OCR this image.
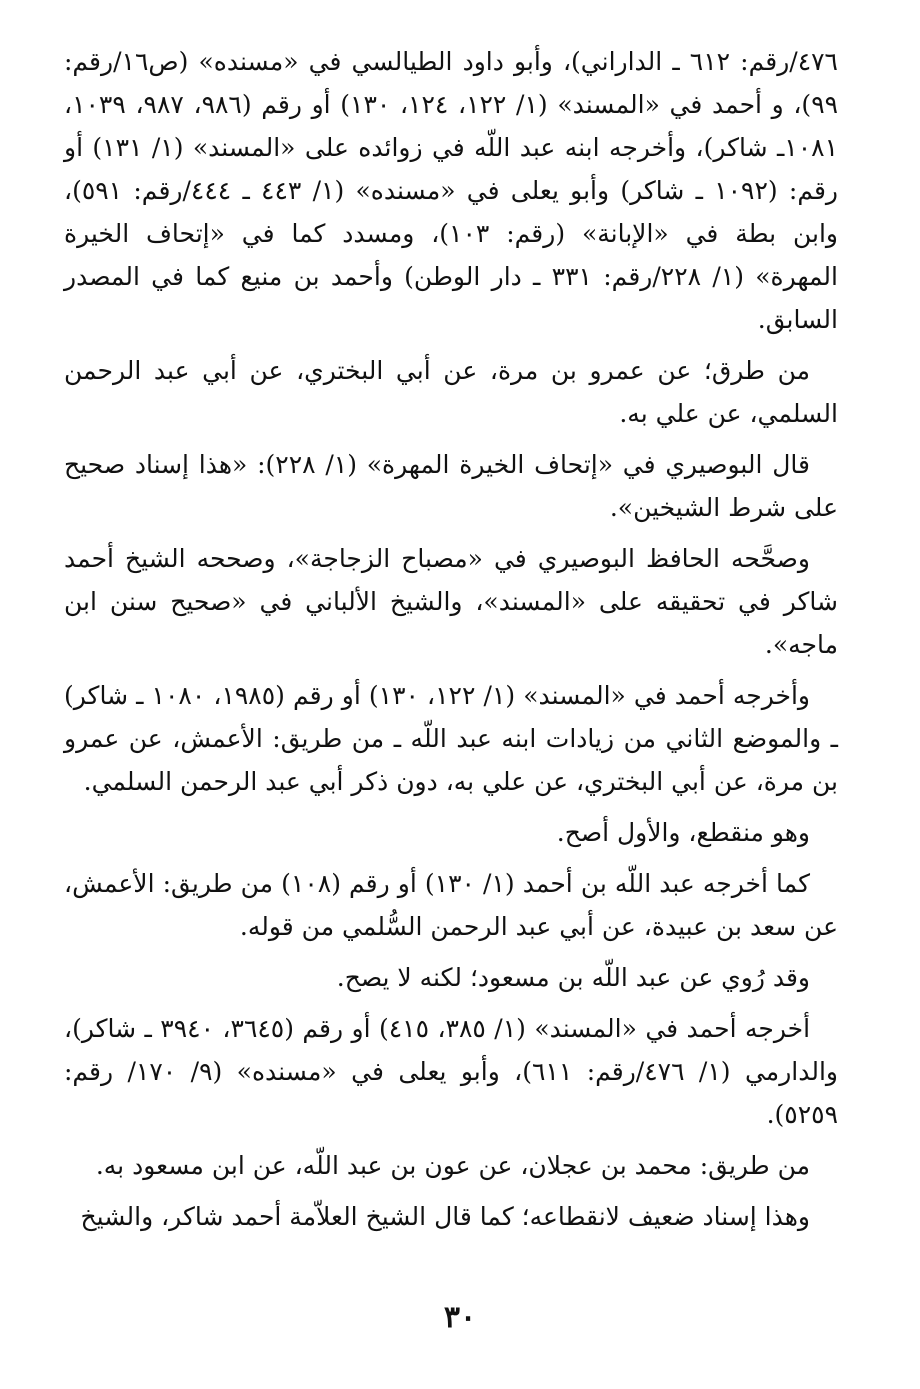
٤٧٦/رقم: ٦١٢ ـ الداراني)، وأبو داود الطيالسي في «مسنده» (ص١٦/رقم: ٩٩)، و أحمد في «المسند» (١/ ١٢٢، ١٢٤، ١٣٠) أو رقم (٩٨٦، ٩٨٧، ١٠٣٩، ١٠٨١ـ شاكر)، وأخرجه ابنه عبد اللّه في زوائده على «المسند» (١/ ١٣١) أو رقم: (١٠٩٢ ـ شاكر) وأبو يعلى في «مسنده» (١/ ٤٤٣ ـ ٤٤٤/رقم: ٥٩١)، وابن بطة في «الإبانة» (رقم: ١٠٣)، ومسدد كما في «إتحاف الخيرة المهرة» (١/ ٢٢٨/رقم: ٣٣١ ـ دار الوطن) وأحمد بن منيع كما في المصدر السابق.

من طرق؛ عن عمرو بن مرة، عن أبي البختري، عن أبي عبد الرحمن السلمي، عن علي به.

قال البوصيري في «إتحاف الخيرة المهرة» (١/ ٢٢٨): «هذا إسناد صحيح على شرط الشيخين».

وصحَّحه الحافظ البوصيري في «مصباح الزجاجة»، وصححه الشيخ أحمد شاكر في تحقيقه على «المسند»، والشيخ الألباني في «صحيح سنن ابن ماجه».

وأخرجه أحمد في «المسند» (١/ ١٢٢، ١٣٠) أو رقم (١٩٨٥، ١٠٨٠ ـ شاكر) ـ والموضع الثاني من زيادات ابنه عبد اللّه ـ من طريق: الأعمش، عن عمرو بن مرة، عن أبي البختري، عن علي به، دون ذكر أبي عبد الرحمن السلمي.

وهو منقطع، والأول أصح.

كما أخرجه عبد اللّه بن أحمد (١/ ١٣٠) أو رقم (١٠٨) من طريق: الأعمش، عن سعد بن عبيدة، عن أبي عبد الرحمن السُّلمي من قوله.

وقد رُوي عن عبد اللّه بن مسعود؛ لكنه لا يصح.

أخرجه أحمد في «المسند» (١/ ٣٨٥، ٤١٥) أو رقم (٣٦٤٥، ٣٩٤٠ ـ شاكر)، والدارمي (١/ ٤٧٦/رقم: ٦١١)، وأبو يعلى في «مسنده» (٩/ ١٧٠/ رقم: ٥٢٥٩).

من طريق: محمد بن عجلان، عن عون بن عبد اللّه، عن ابن مسعود به.

وهذا إسناد ضعيف لانقطاعه؛ كما قال الشيخ العلاّمة أحمد شاكر، والشيخ

٣٠
